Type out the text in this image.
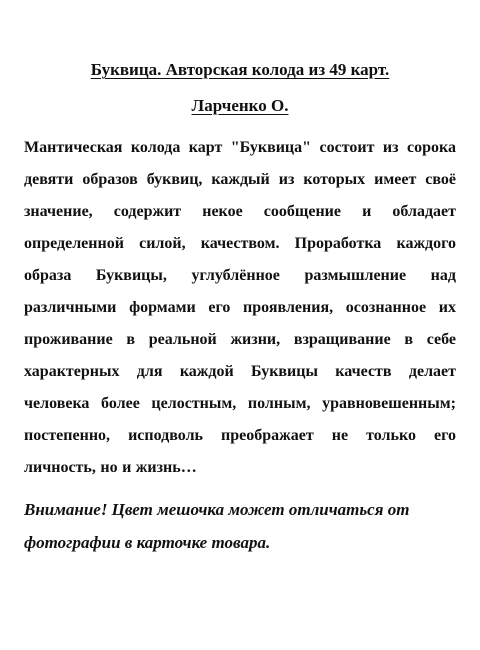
Буквица. Авторская колода из 49 карт.

Ларченко О.

Мантическая колода карт "Буквица" состоит из сорока девяти образов буквиц, каждый из которых имеет своё значение, содержит некое сообщение и обладает определенной силой, качеством. Проработка каждого образа Буквицы, углублённое размышление над различными формами его проявления, осознанное их проживание в реальной жизни, взращивание в себе характерных для каждой Буквицы качеств делает человека более целостным, полным, уравновешенным; постепенно, исподволь преображает не только его личность, но и жизнь…

Внимание! Цвет мешочка может отличаться от фотографии в карточке товара.
